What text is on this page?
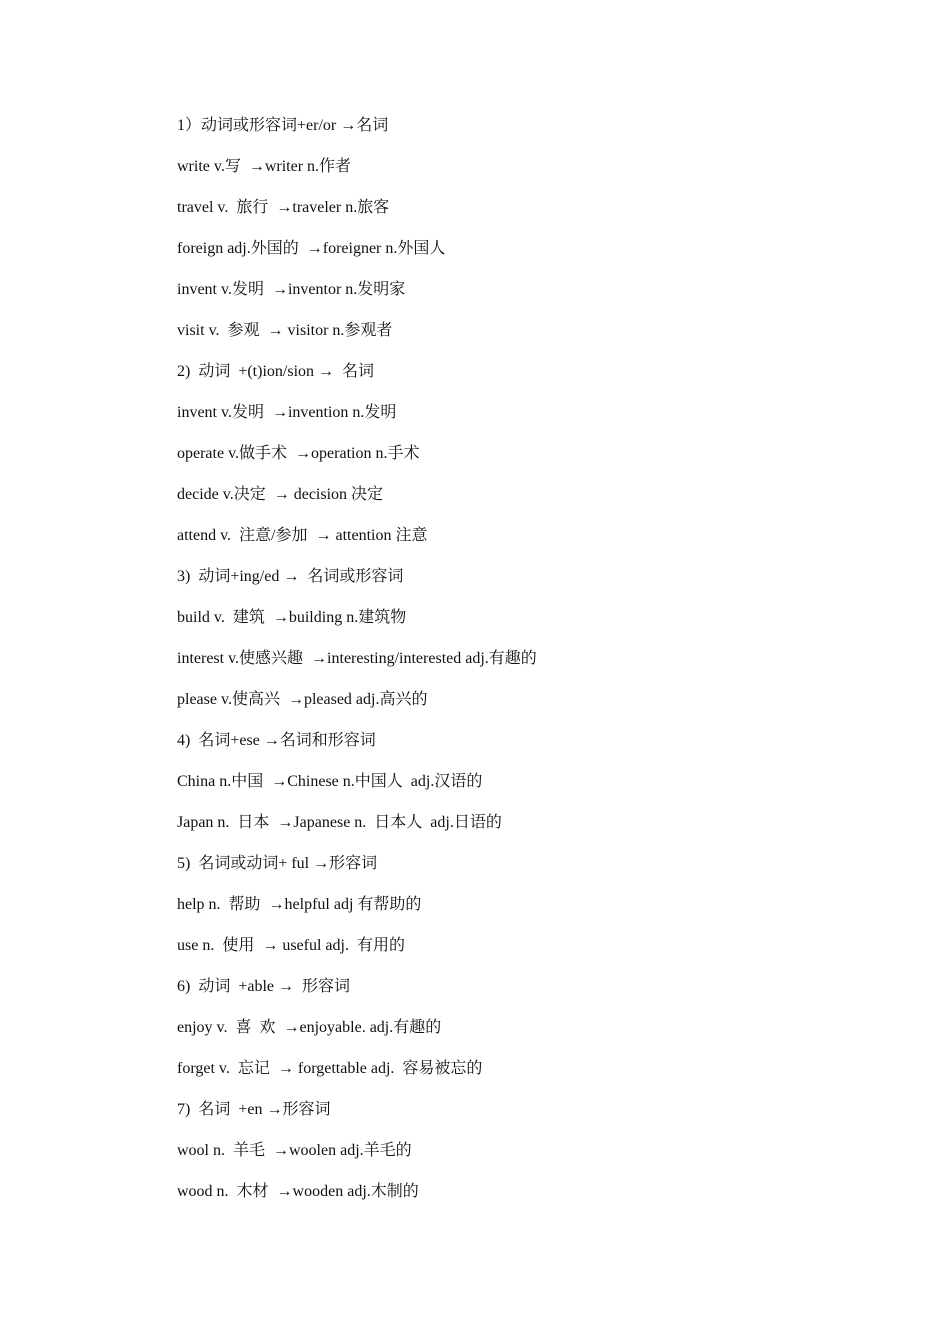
1）动词或形容词+er/or →名词
write v.写  →writer n.作者
travel v.  旅行  →traveler n.旅客
foreign adj.外国的  →foreigner n.外国人
invent v.发明  →inventor n.发明家
visit v.  参观  → visitor n.参观者
2)  动词  +(t)ion/sion →  名词
invent v.发明  →invention n.发明
operate v.做手术  →operation n.手术
decide v.决定  → decision 决定
attend v.  注意/参加  → attention 注意
3)  动词+ing/ed →  名词或形容词
build v.  建筑  →building n.建筑物
interest v.使感兴趣  →interesting/interested adj.有趣的
please v.使高兴  →pleased adj.高兴的
4)  名词+ese →名词和形容词
China n.中国  →Chinese n.中国人  adj.汉语的
Japan n.  日本  →Japanese n.  日本人  adj.日语的
5)  名词或动词+ ful →形容词
help n.  帮助  →helpful adj 有帮助的
use n.  使用  → useful adj.  有用的
6)  动词  +able →  形容词
enjoy v.  喜  欢  →enjoyable. adj.有趣的
forget v.  忘记  → forgettable adj.  容易被忘的
7)  名词  +en →形容词
wool n.  羊毛  →woolen adj.羊毛的
wood n.  木材  →wooden adj.木制的
